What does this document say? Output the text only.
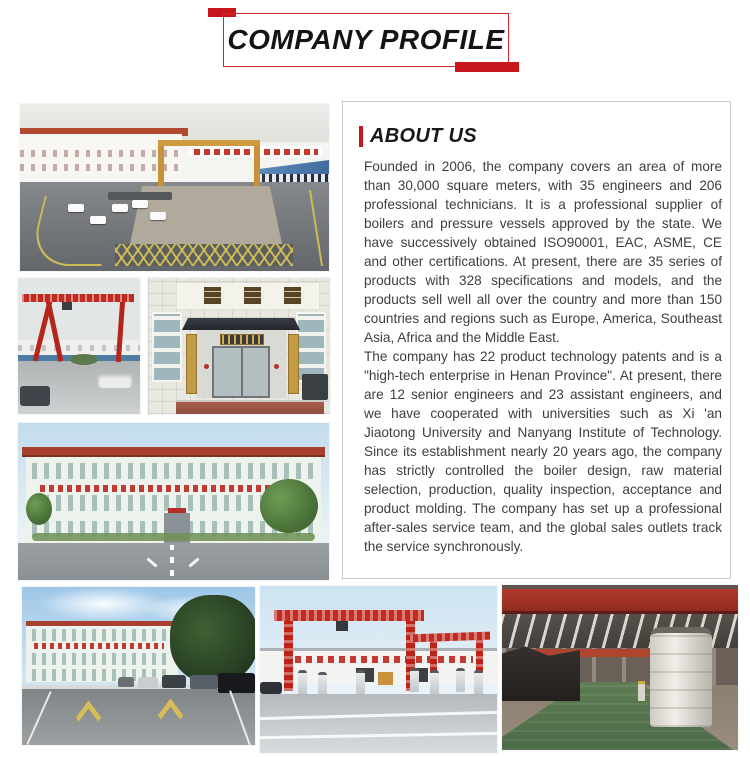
COMPANY PROFILE
ABOUT US

Founded in 2006, the company covers an area of more than 30,000 square meters, with 35 engineers and 206 professional technicians. It is a professional supplier of boilers and pressure vessels approved by the state. We have successively obtained ISO90001, EAC, ASME, CE and other certifications. At present, there are 35 series of products with 328 specifications and models, and the products sell well all over the country and more than 150 countries and regions such as Europe, America, Southeast Asia, Africa and the Middle East.

The company has 22 product technology patents and is a "high-tech enterprise in Henan Province". At present, there are 12 senior engineers and 23 assistant engineers, and we have cooperated with universities such as Xi 'an Jiaotong University and Nanyang Institute of Technology. Since its establishment nearly 20 years ago, the company has strictly controlled the boiler design, raw material selection, production, quality inspection, acceptance and product molding. The company has set up a professional after-sales service team, and the global sales outlets track the service synchronously.
